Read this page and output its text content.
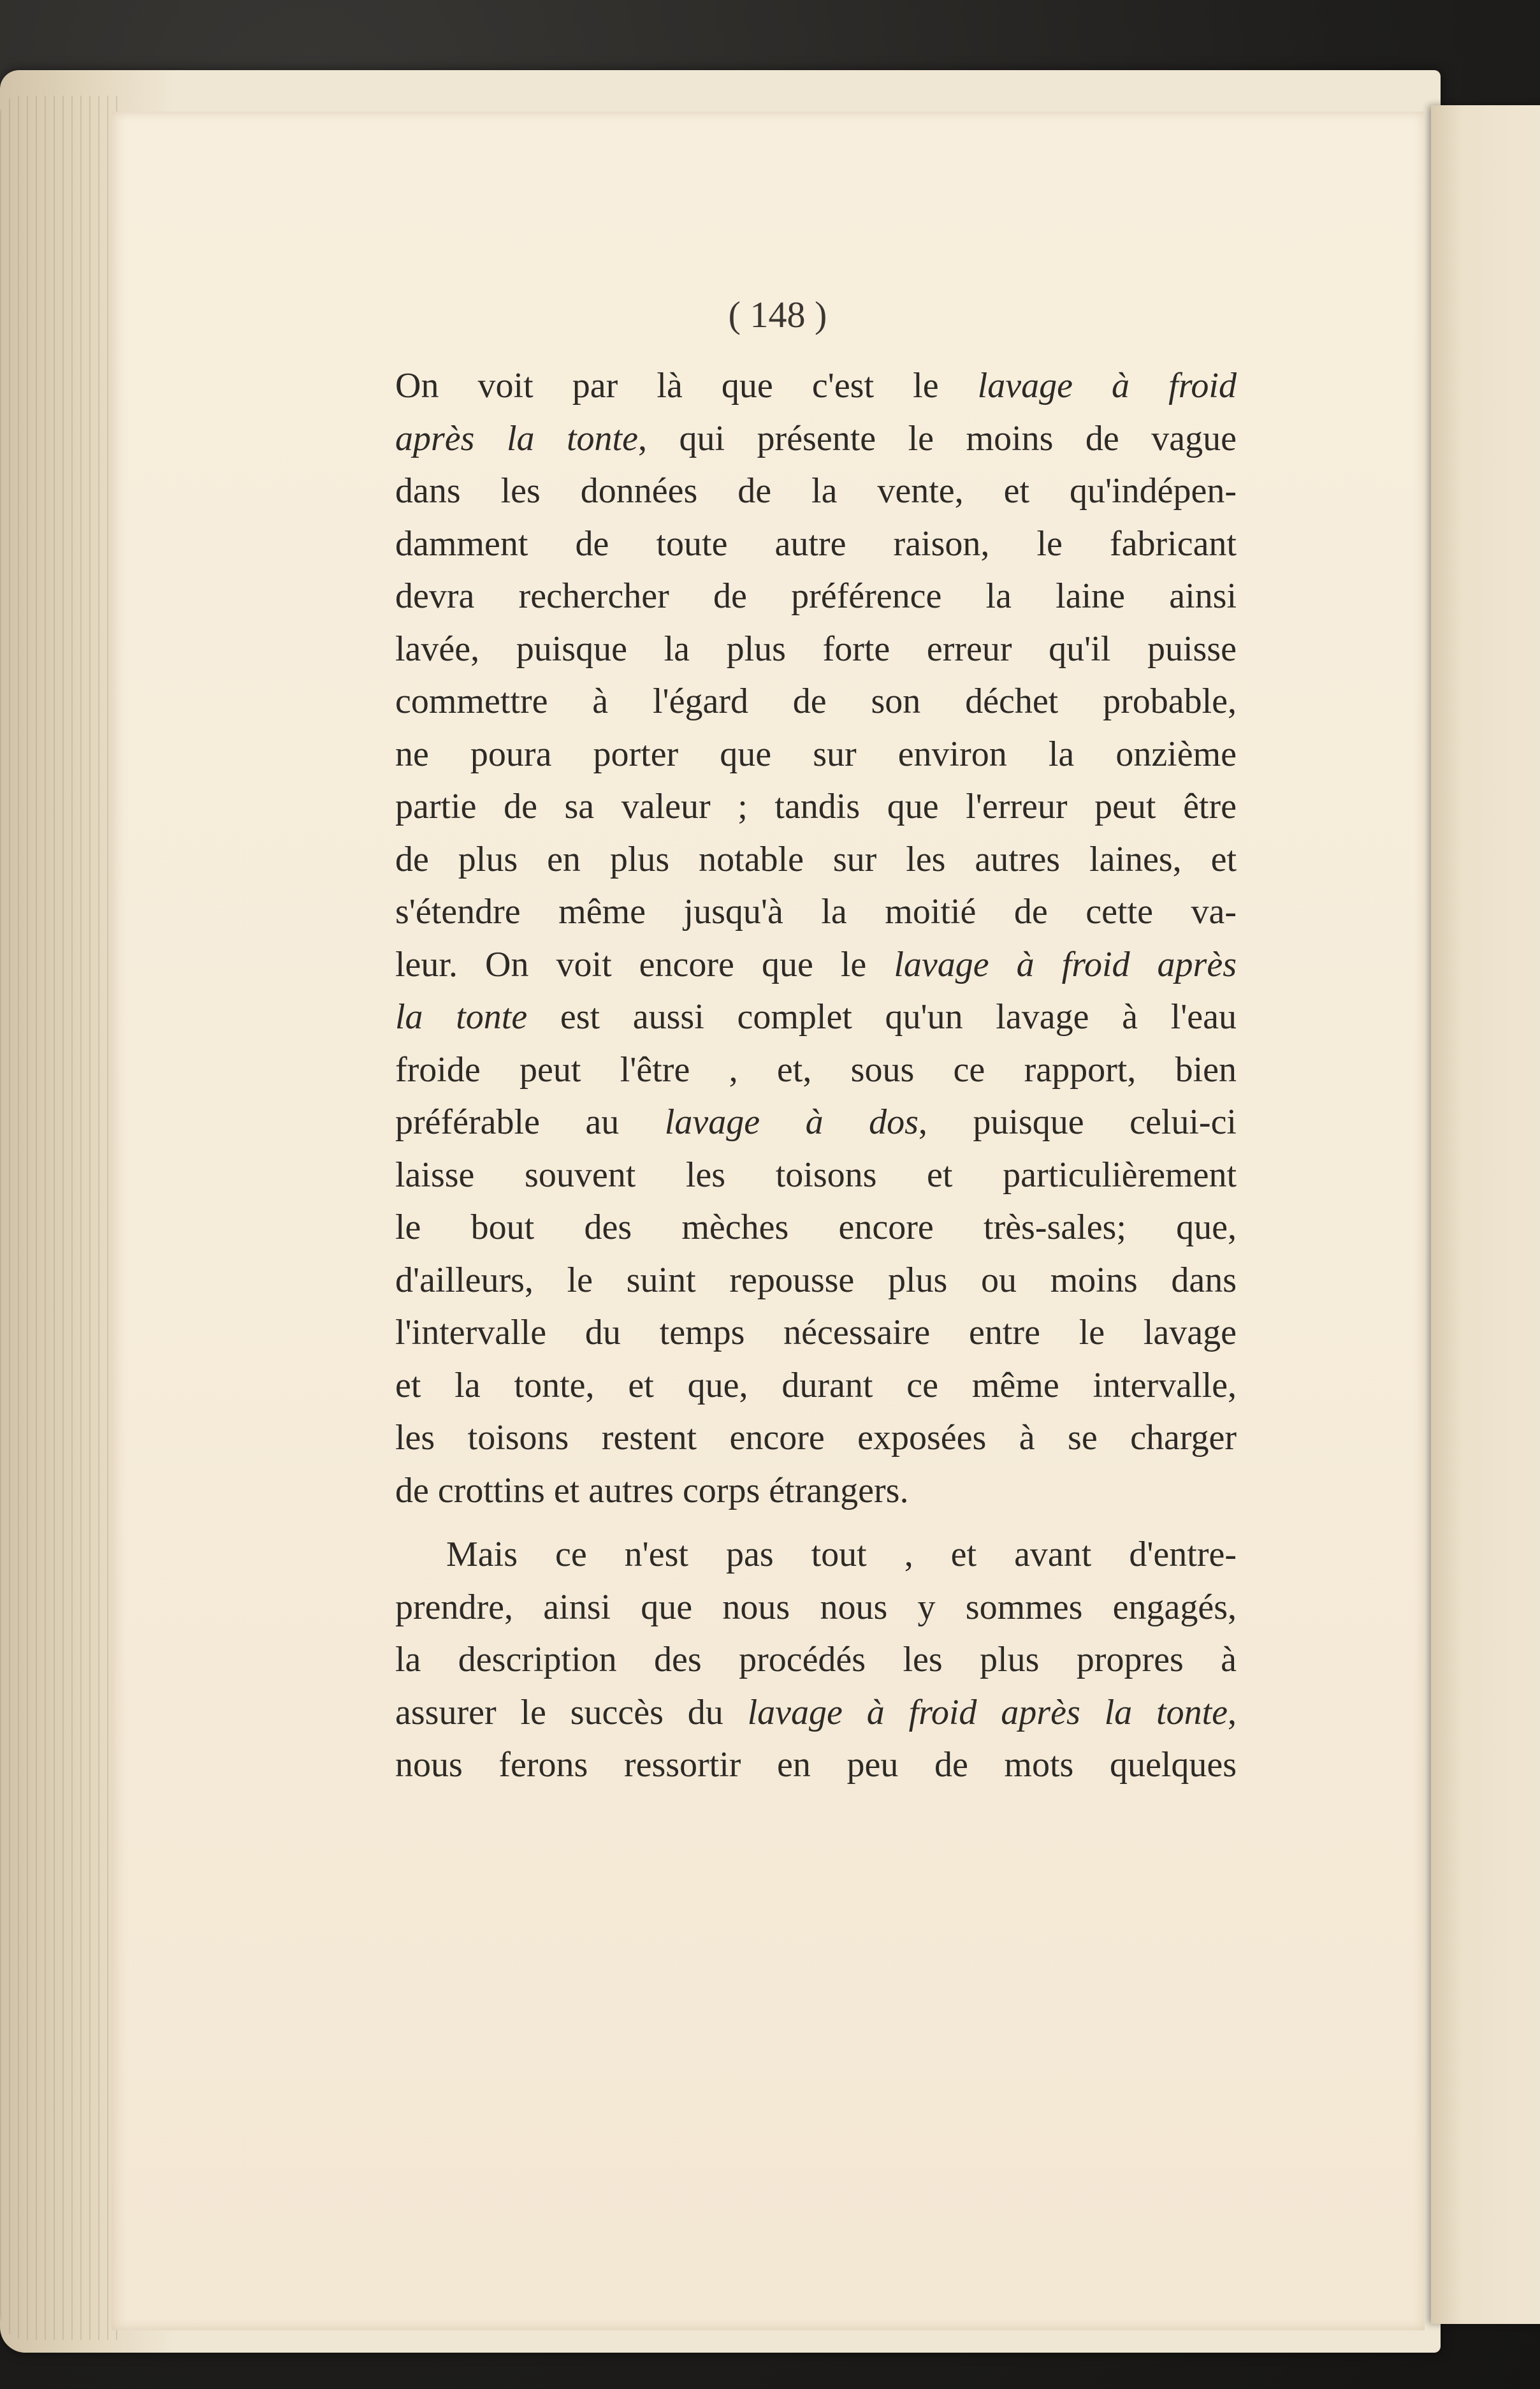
( 148 )
On voit par là que c'est le lavage à froid
après la tonte, qui présente le moins de vague
dans les données de la vente, et qu'indépen-
damment de toute autre raison, le fabricant
devra rechercher de préférence la laine ainsi
lavée, puisque la plus forte erreur qu'il puisse
commettre à l'égard de son déchet probable,
ne poura porter que sur environ la onzième
partie de sa valeur ; tandis que l'erreur peut être
de plus en plus notable sur les autres laines, et
s'étendre même jusqu'à la moitié de cette va-
leur. On voit encore que le lavage à froid après
la tonte est aussi complet qu'un lavage à l'eau
froide peut l'être , et, sous ce rapport, bien
préférable au lavage à dos, puisque celui-ci
laisse souvent les toisons et particulièrement
le bout des mèches encore très-sales; que,
d'ailleurs, le suint repousse plus ou moins dans
l'intervalle du temps nécessaire entre le lavage
et la tonte, et que, durant ce même intervalle,
les toisons restent encore exposées à se charger
de crottins et autres corps étrangers.
Mais ce n'est pas tout , et avant d'entre-
prendre, ainsi que nous nous y sommes engagés,
la description des procédés les plus propres à
assurer le succès du lavage à froid après la tonte,
nous ferons ressortir en peu de mots quelques
